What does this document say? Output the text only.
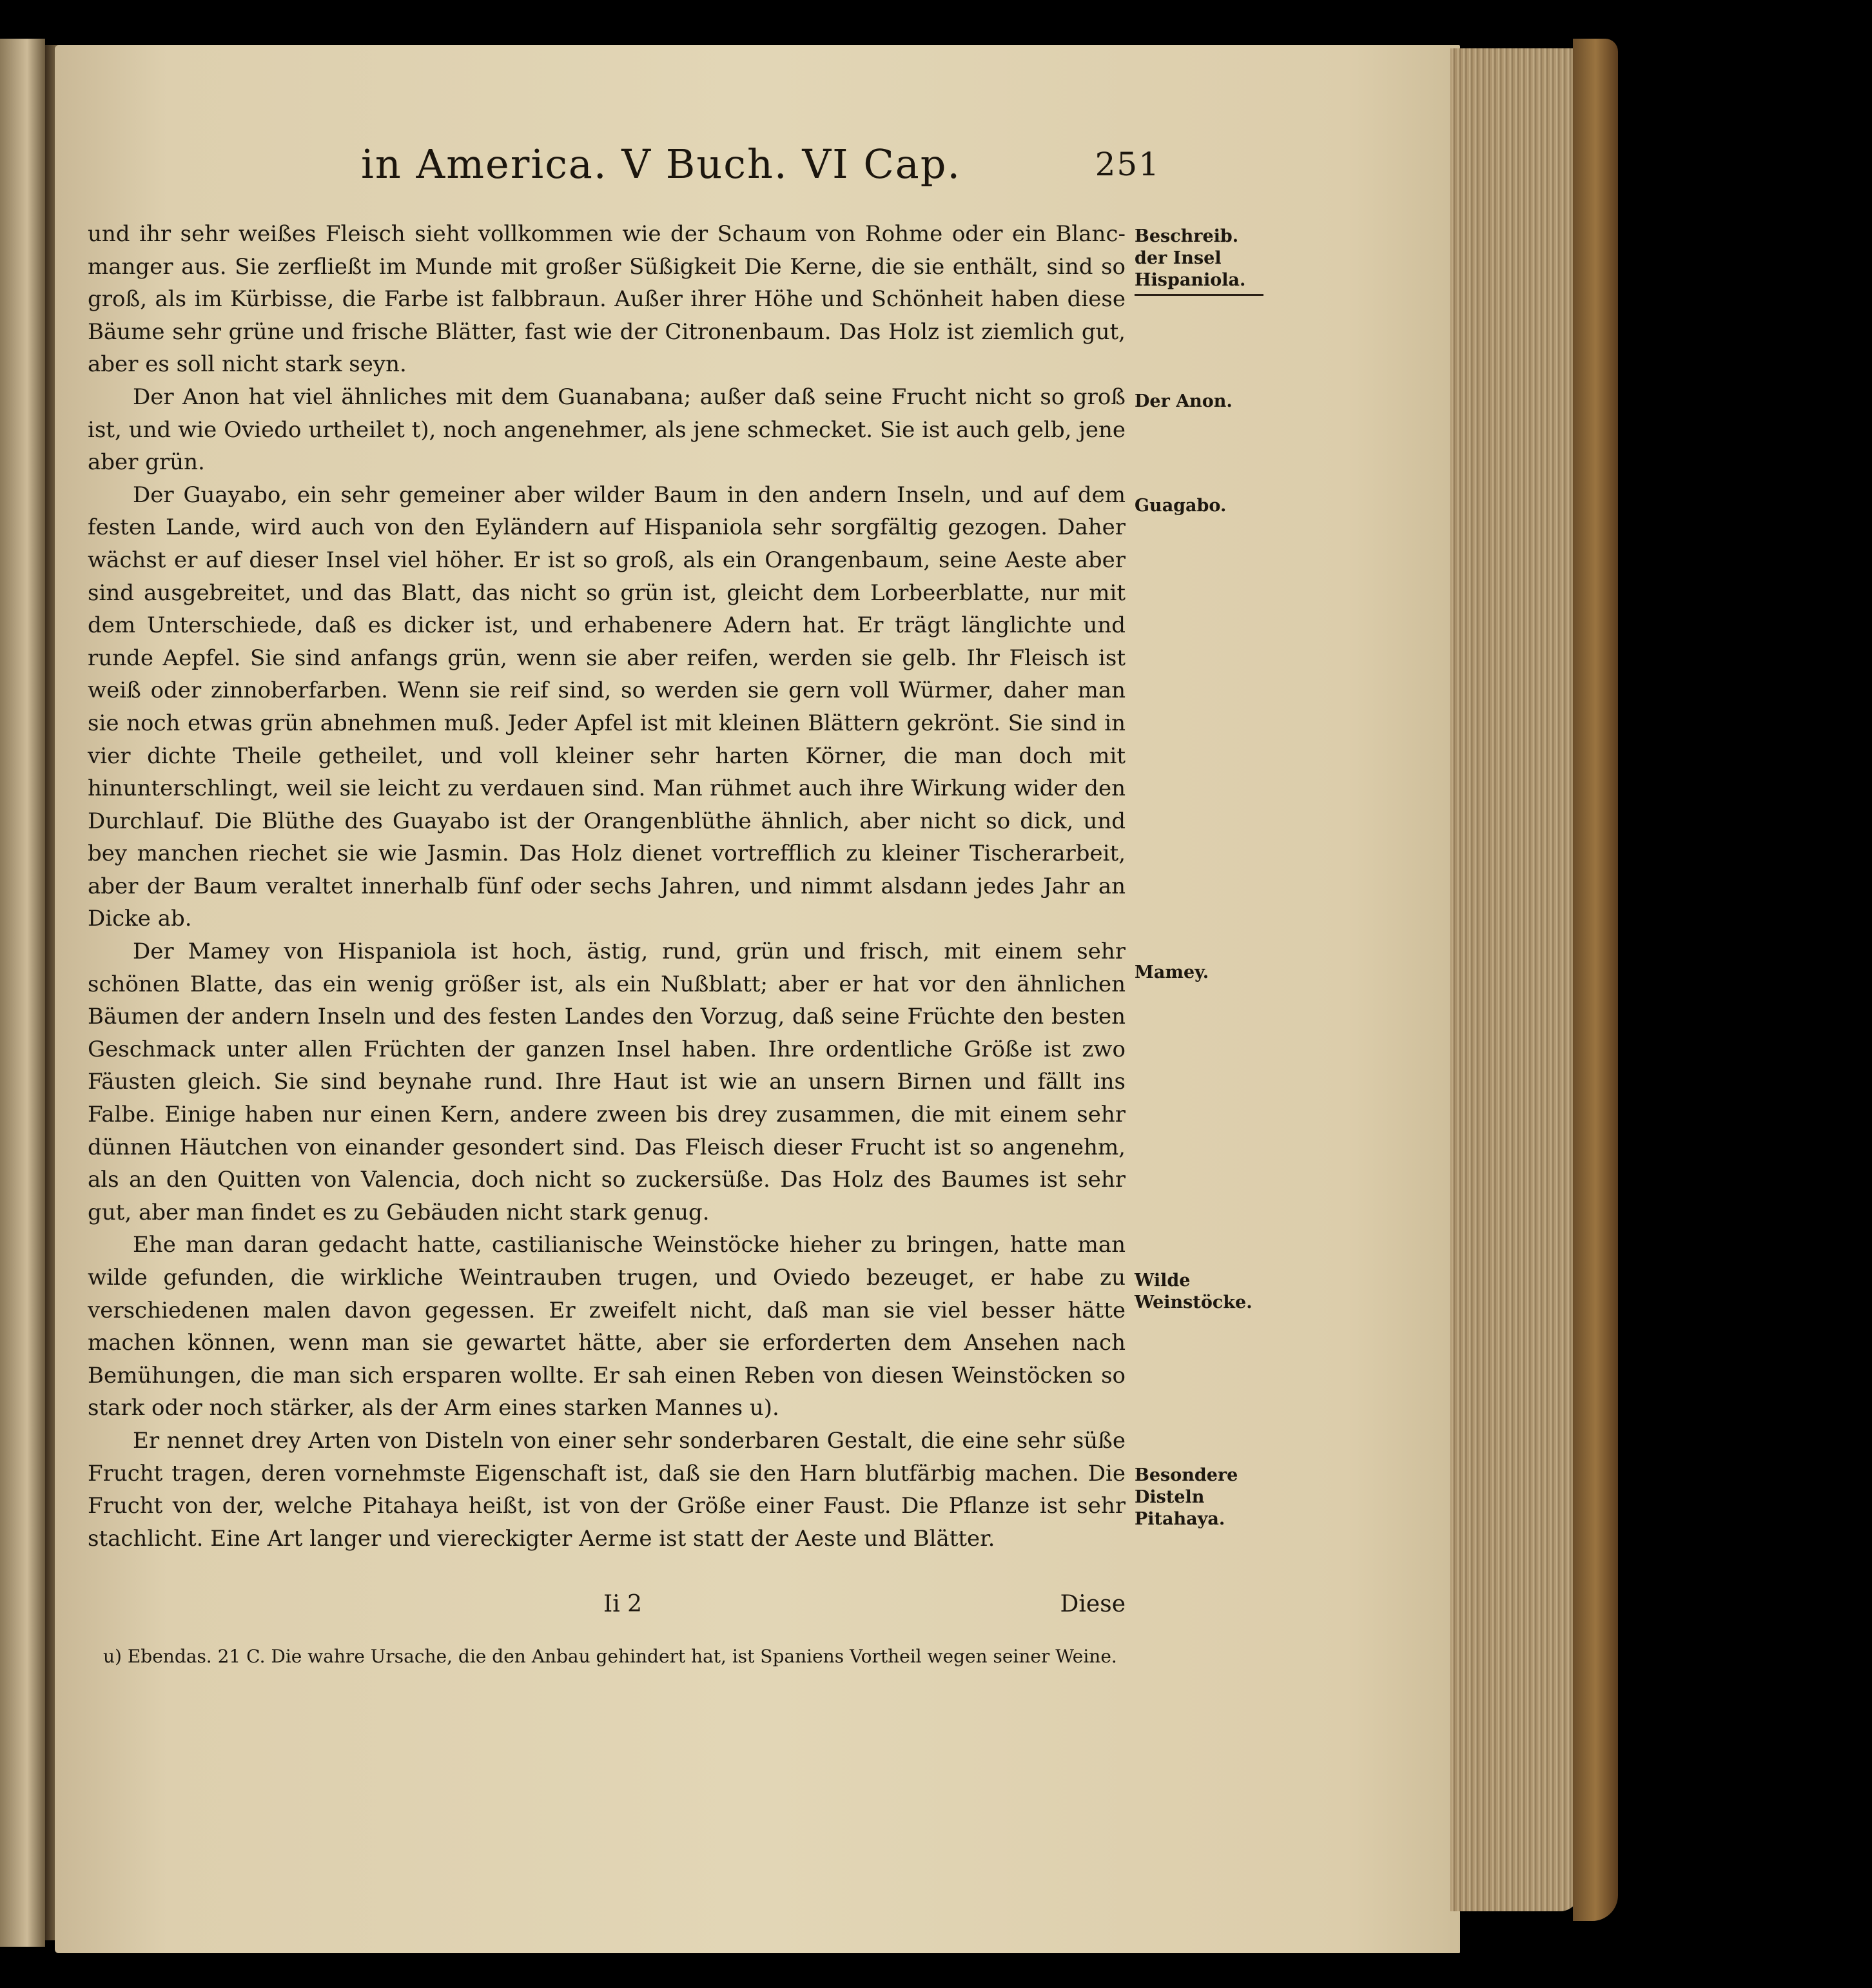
in America. V Buch. VI Cap.	251

und ihr sehr weißes Fleisch sieht vollkommen wie der Schaum von Rohme oder ein Blanc-manger aus. Sie zerfließt im Munde mit großer Süßigkeit Die Kerne, die sie enthält, sind so groß, als im Kürbisse, die Farbe ist falbbraun. Außer ihrer Höhe und Schönheit haben diese Bäume sehr grüne und frische Blätter, fast wie der Citronenbaum. Das Holz ist ziemlich gut, aber es soll nicht stark seyn.

Der Anon hat viel ähnliches mit dem Guanabana; außer daß seine Frucht nicht so groß ist, und wie Oviedo urtheilet t), noch angenehmer, als jene schmecket. Sie ist auch gelb, jene aber grün.

Der Guayabo, ein sehr gemeiner aber wilder Baum in den andern Inseln, und auf dem festen Lande, wird auch von den Eyländern auf Hispaniola sehr sorgfältig gezogen. Daher wächst er auf dieser Insel viel höher. Er ist so groß, als ein Orangenbaum, seine Aeste aber sind ausgebreitet, und das Blatt, das nicht so grün ist, gleicht dem Lorbeerblatte, nur mit dem Unterschiede, daß es dicker ist, und erhabenere Adern hat. Er trägt länglichte und runde Aepfel. Sie sind anfangs grün, wenn sie aber reifen, werden sie gelb. Ihr Fleisch ist weiß oder zinnoberfarben. Wenn sie reif sind, so werden sie gern voll Würmer, daher man sie noch etwas grün abnehmen muß. Jeder Apfel ist mit kleinen Blättern gekrönt. Sie sind in vier dichte Theile getheilet, und voll kleiner sehr harten Körner, die man doch mit hinunterschlingt, weil sie leicht zu verdauen sind. Man rühmet auch ihre Wirkung wider den Durchlauf. Die Blüthe des Guayabo ist der Orangenblüthe ähnlich, aber nicht so dick, und bey manchen riechet sie wie Jasmin. Das Holz dienet vortrefflich zu kleiner Tischerarbeit, aber der Baum veraltet innerhalb fünf oder sechs Jahren, und nimmt alsdann jedes Jahr an Dicke ab.

Der Mamey von Hispaniola ist hoch, ästig, rund, grün und frisch, mit einem sehr schönen Blatte, das ein wenig größer ist, als ein Nußblatt; aber er hat vor den ähnlichen Bäumen der andern Inseln und des festen Landes den Vorzug, daß seine Früchte den besten Geschmack unter allen Früchten der ganzen Insel haben. Ihre ordentliche Größe ist zwo Fäusten gleich. Sie sind beynahe rund. Ihre Haut ist wie an unsern Birnen und fällt ins Falbe. Einige haben nur einen Kern, andere zween bis drey zusammen, die mit einem sehr dünnen Häutchen von einander gesondert sind. Das Fleisch dieser Frucht ist so angenehm, als an den Quitten von Valencia, doch nicht so zuckersüße. Das Holz des Baumes ist sehr gut, aber man findet es zu Gebäuden nicht stark genug.

Ehe man daran gedacht hatte, castilianische Weinstöcke hieher zu bringen, hatte man wilde gefunden, die wirkliche Weintrauben trugen, und Oviedo bezeuget, er habe zu verschiedenen malen davon gegessen. Er zweifelt nicht, daß man sie viel besser hätte machen können, wenn man sie gewartet hätte, aber sie erforderten dem Ansehen nach Bemühungen, die man sich ersparen wollte. Er sah einen Reben von diesen Weinstöcken so stark oder noch stärker, als der Arm eines starken Mannes u).

Er nennet drey Arten von Disteln von einer sehr sonderbaren Gestalt, die eine sehr süße Frucht tragen, deren vornehmste Eigenschaft ist, daß sie den Harn blutfärbig machen. Die Frucht von der, welche Pitahaya heißt, ist von der Größe einer Faust. Die Pflanze ist sehr stachlicht. Eine Art langer und viereckigter Aerme ist statt der Aeste und Blätter.

Beschreib. der Insel Hispaniola.
Der Anon.
Guagabo.
Mamey.
Wilde Weinstöcke.
Besondere Disteln Pitahaya.
Ii 2	Diese
u) Ebendas. 21 C. Die wahre Ursache, die den Anbau gehindert hat, ist Spaniens Vortheil wegen seiner Weine.
